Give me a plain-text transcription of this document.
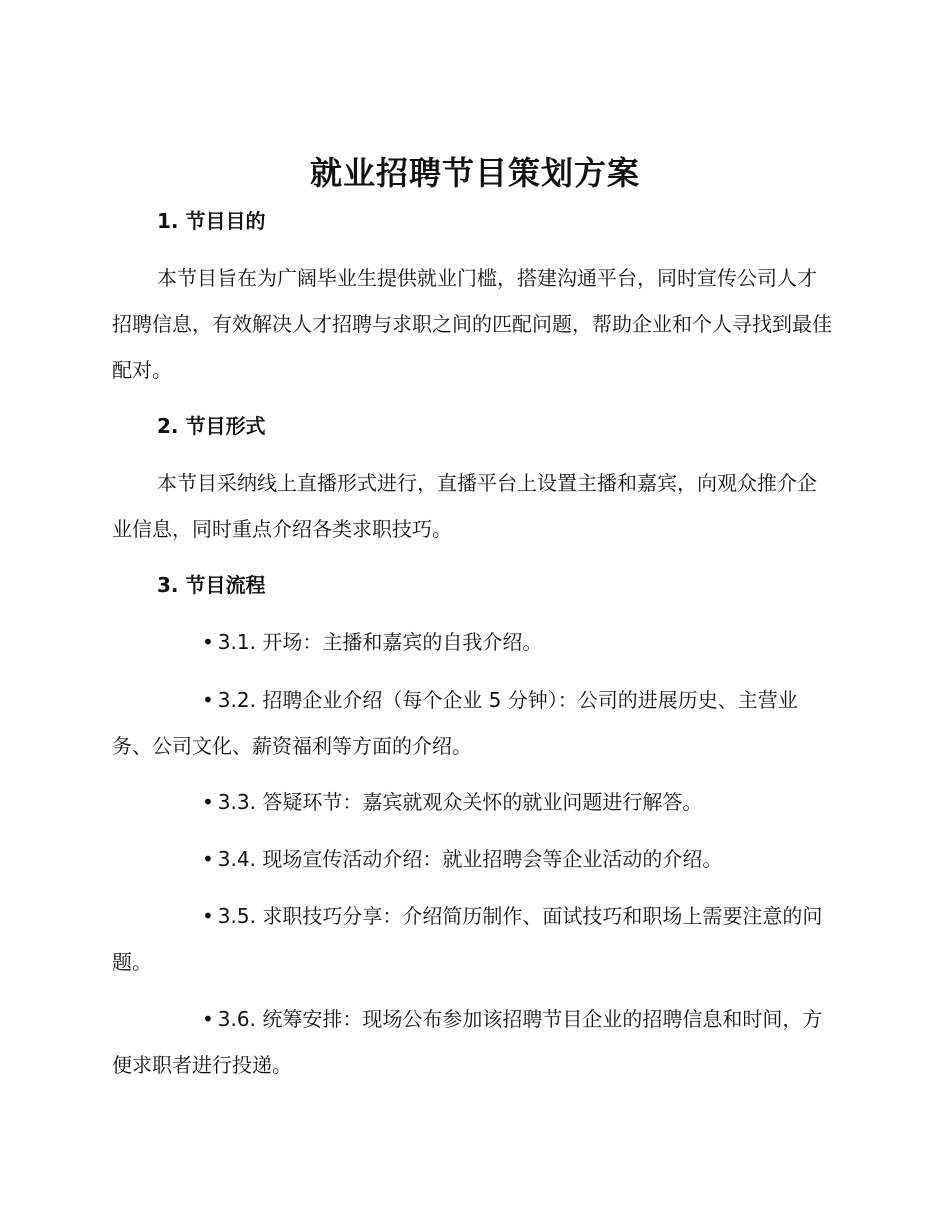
就业招聘节目策划方案
1. 节目目的

本节目旨在为广阔毕业生提供就业门槛，搭建沟通平台，同时宣传公司人才招聘信息，有效解决人才招聘与求职之间的匹配问题，帮助企业和个人寻找到最佳配对。

2. 节目形式

本节目采纳线上直播形式进行，直播平台上设置主播和嘉宾，向观众推介企业信息，同时重点介绍各类求职技巧。

3. 节目流程

• 3.1. 开场：主播和嘉宾的自我介绍。

• 3.2. 招聘企业介绍（每个企业 5 分钟）：公司的进展历史、主营业务、公司文化、薪资福利等方面的介绍。

• 3.3. 答疑环节：嘉宾就观众关怀的就业问题进行解答。

• 3.4. 现场宣传活动介绍：就业招聘会等企业活动的介绍。

• 3.5. 求职技巧分享：介绍简历制作、面试技巧和职场上需要注意的问题。

• 3.6. 统筹安排：现场公布参加该招聘节目企业的招聘信息和时间，方便求职者进行投递。
